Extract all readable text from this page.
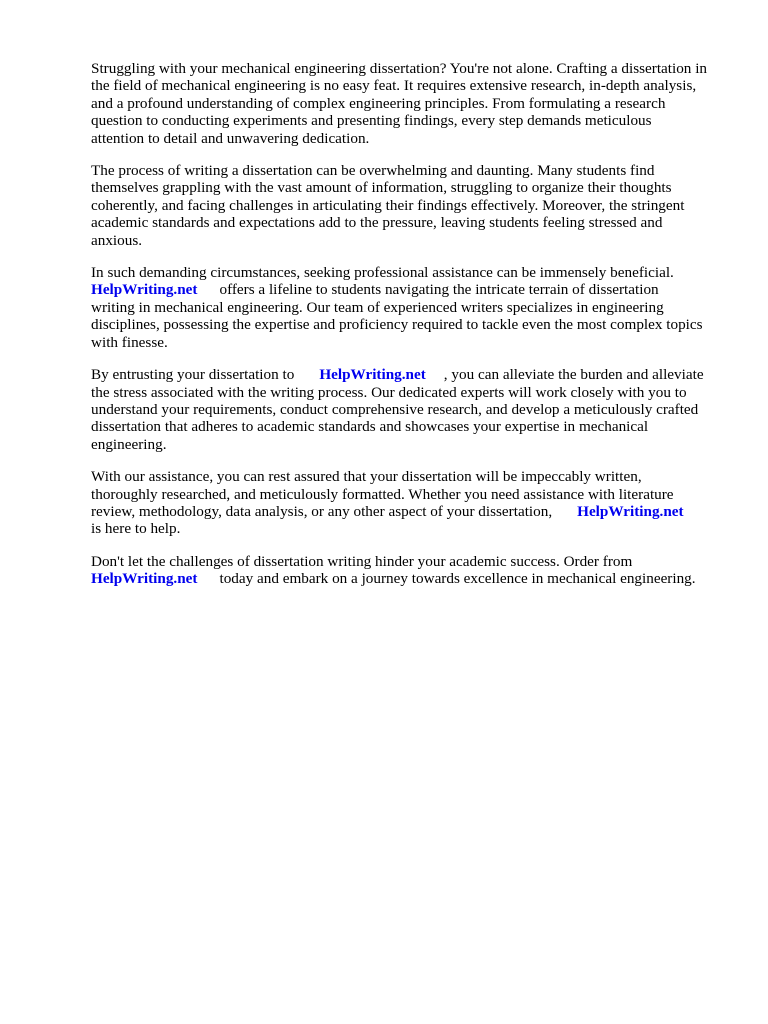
Struggling with your mechanical engineering dissertation? You're not alone. Crafting a dissertation in
the field of mechanical engineering is no easy feat. It requires extensive research, in-depth analysis,
and a profound understanding of complex engineering principles. From formulating a research
question to conducting experiments and presenting findings, every step demands meticulous
attention to detail and unwavering dedication.

The process of writing a dissertation can be overwhelming and daunting. Many students find
themselves grappling with the vast amount of information, struggling to organize their thoughts
coherently, and facing challenges in articulating their findings effectively. Moreover, the stringent
academic standards and expectations add to the pressure, leaving students feeling stressed and
anxious.

In such demanding circumstances, seeking professional assistance can be immensely beneficial.
HelpWriting.net offers a lifeline to students navigating the intricate terrain of dissertation
writing in mechanical engineering. Our team of experienced writers specializes in engineering
disciplines, possessing the expertise and proficiency required to tackle even the most complex topics
with finesse.

By entrusting your dissertation to HelpWriting.net , you can alleviate the burden and alleviate
the stress associated with the writing process. Our dedicated experts will work closely with you to
understand your requirements, conduct comprehensive research, and develop a meticulously crafted
dissertation that adheres to academic standards and showcases your expertise in mechanical
engineering.

With our assistance, you can rest assured that your dissertation will be impeccably written,
thoroughly researched, and meticulously formatted. Whether you need assistance with literature
review, methodology, data analysis, or any other aspect of your dissertation, HelpWriting.net
is here to help.

Don't let the challenges of dissertation writing hinder your academic success. Order from
HelpWriting.net today and embark on a journey towards excellence in mechanical engineering.
